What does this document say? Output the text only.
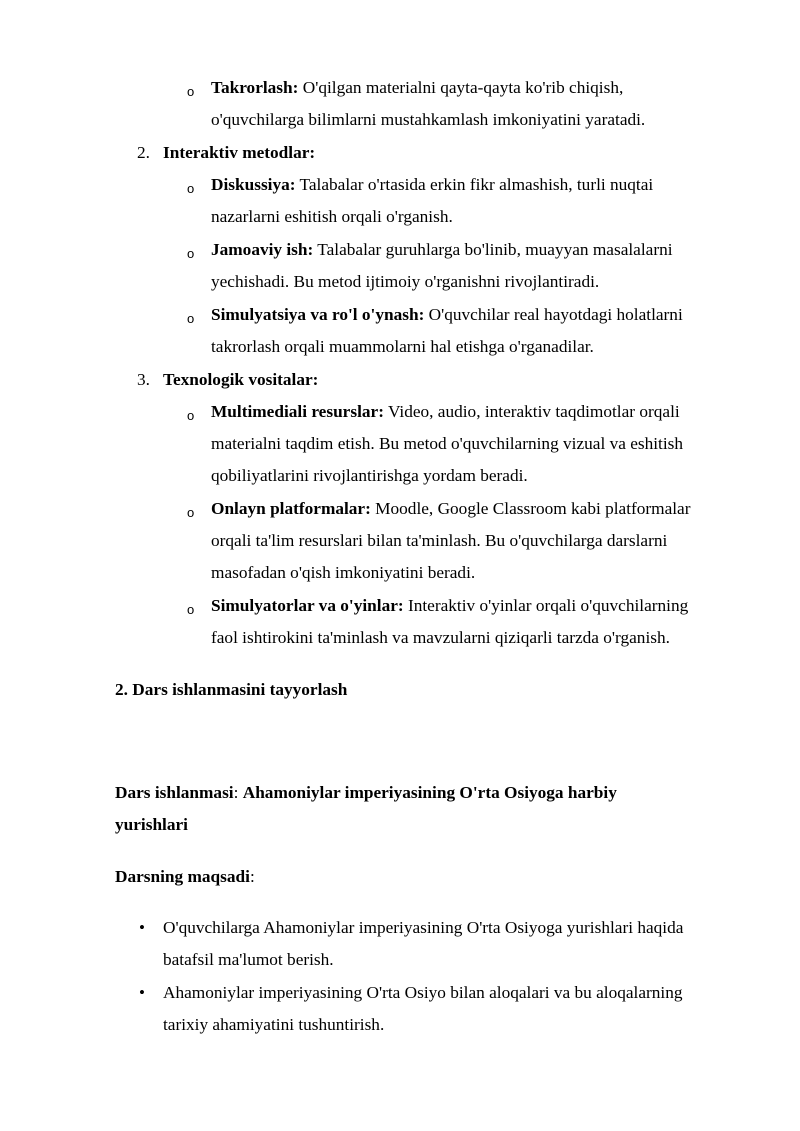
o Takrorlash: O'qilgan materialni qayta-qayta ko'rib chiqish,
o'quvchilarga bilimlarni mustahkamlash imkoniyatini yaratadi.
2. Interaktiv metodlar:
o Diskussiya: Talabalar o'rtasida erkin fikr almashish, turli nuqtai
nazarlarni eshitish orqali o'rganish.
o Jamoaviy ish: Talabalar guruhlarga bo'linib, muayyan masalalarni
yechishadi. Bu metod ijtimoiy o'rganishni rivojlantiradi.
o Simulyatsiya va ro'l o'ynash: O'quvchilar real hayotdagi holatlarni
takrorlash orqali muammolarni hal etishga o'rganadilar.
3. Texnologik vositalar:
o Multimediali resurslar: Video, audio, interaktiv taqdimotlar orqali
materialni taqdim etish. Bu metod o'quvchilarning vizual va eshitish
qobiliyatlarini rivojlantirishga yordam beradi.
o Onlayn platformalar: Moodle, Google Classroom kabi platformalar
orqali ta'lim resurslari bilan ta'minlash. Bu o'quvchilarga darslarni
masofadan o'qish imkoniyatini beradi.
o Simulyatorlar va o'yinlar: Interaktiv o'yinlar orqali o'quvchilarning
faol ishtirokini ta'minlash va mavzularni qiziqarli tarzda o'rganish.
2. Dars ishlanmasini tayyorlash
Dars ishlanmasi: Ahamoniylar imperiyasining O'rta Osiyoga harbiy
yurishlari
Darsning maqsadi:
• O'quvchilarga Ahamoniylar imperiyasining O'rta Osiyoga yurishlari haqida
batafsil ma'lumot berish.
• Ahamoniylar imperiyasining O'rta Osiyo bilan aloqalari va bu aloqalarning
tarixiy ahamiyatini tushuntirish.
